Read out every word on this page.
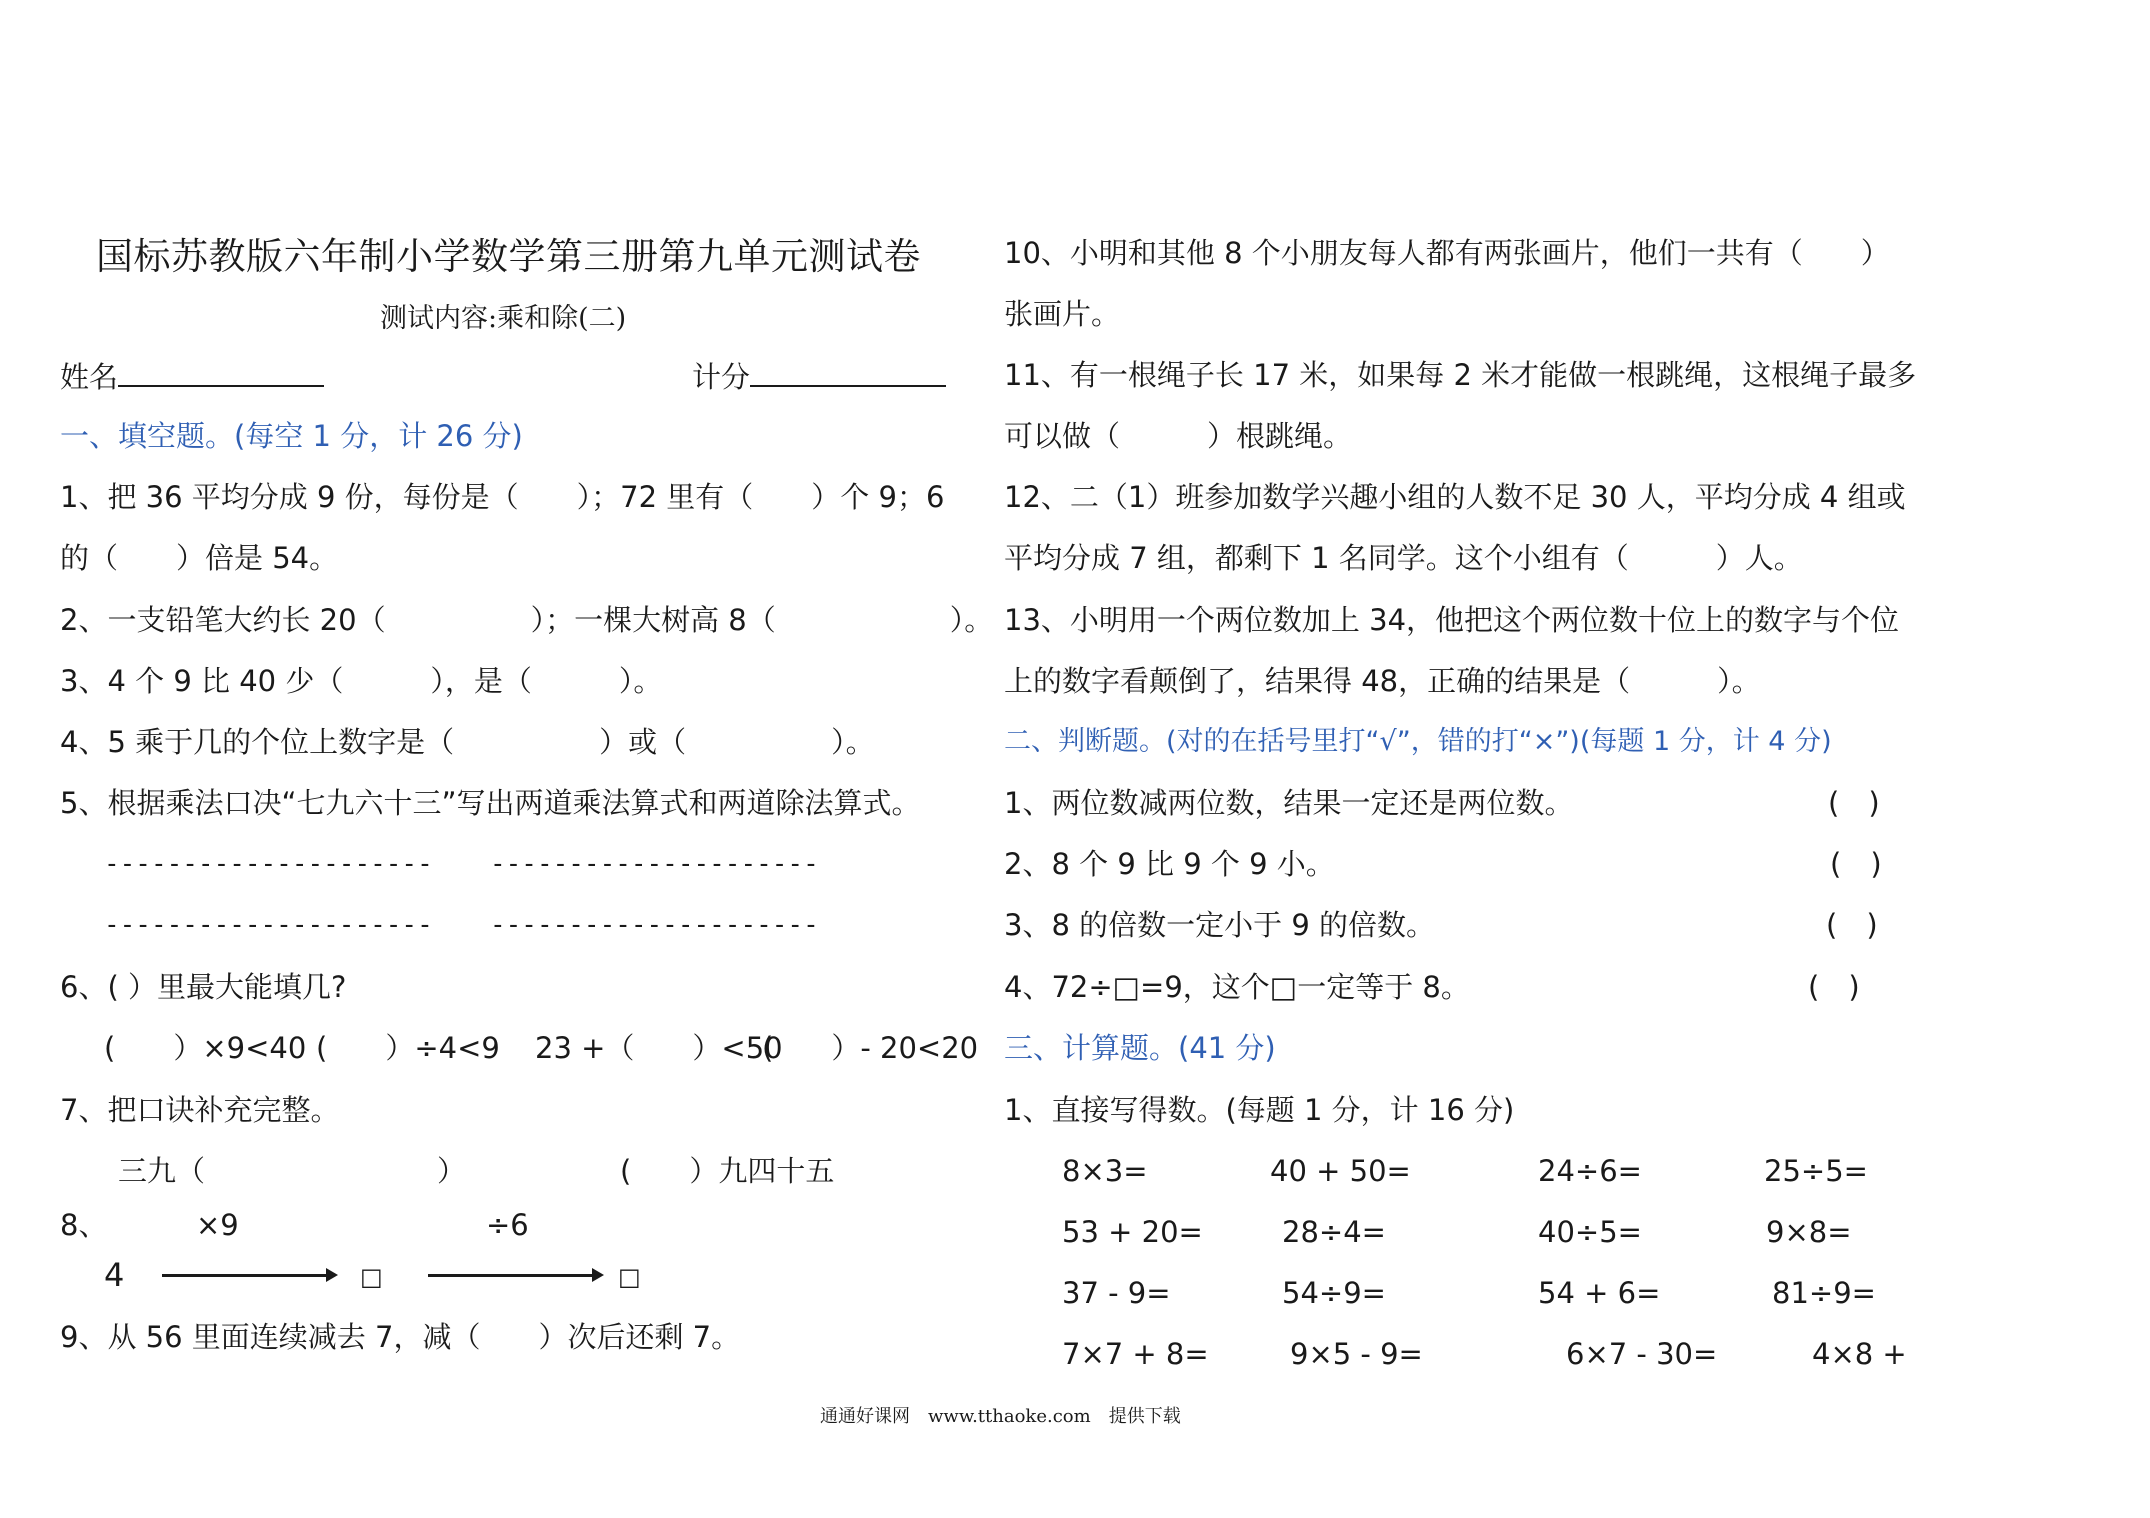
国标苏教版六年制小学数学第三册第九单元测试卷
测试内容:乘和除(二)
姓名	计分
一、填空题。(每空 1 分，计 26 分)
1、把 36 平均分成 9 份，每份是（　　）；72 里有（　　）个 9；6
的（　　）倍是 54。
2、一支铅笔大约长 20（　　　　　）；一棵大树高 8（　　　　　　）。
3、4 个 9 比 40 少（　　　），是（　　　）。
4、5 乘于几的个位上数字是（　　　　　）或（　　　　　）。
5、根据乘法口决“七九六十三”写出两道乘法算式和两道除法算式。
--------------------- ---------------------
--------------------- ---------------------
6、( ）里最大能填几?
(　　）×9<40 (　　）÷4<9 23 +（　　）<50
(　　）- 20<20
7、把口诀补充完整。
三九（　　　　　　　　）	(　　）九四十五
8、	×9	÷6
4	□	□
9、从 56 里面连续减去 7，减（　　）次后还剩 7。
10、小明和其他 8 个小朋友每人都有两张画片，他们一共有（　　）
张画片。
11、有一根绳子长 17 米，如果每 2 米才能做一根跳绳，这根绳子最多
可以做（　　　）根跳绳。
12、二（1）班参加数学兴趣小组的人数不足 30 人，平均分成 4 组或
平均分成 7 组，都剩下 1 名同学。这个小组有（　　　）人。
13、小明用一个两位数加上 34，他把这个两位数十位上的数字与个位
上的数字看颠倒了，结果得 48，正确的结果是（　　　）。
二、判断题。(对的在括号里打“√”，错的打“×”)(每题 1 分，计 4 分)
1、两位数减两位数，结果一定还是两位数。	(　)
2、8 个 9 比 9 个 9 小。	(　)
3、8 的倍数一定小于 9 的倍数。	(　)
4、72÷□=9，这个□一定等于 8。	(　)
三、计算题。(41 分)
1、直接写得数。(每题 1 分，计 16 分)
8×3=	40 + 50=	24÷6=	25÷5=
53 + 20=	28÷4=	40÷5=	9×8=
37 - 9=	54÷9=	54 + 6=	81÷9=
7×7 + 8=	9×5 - 9=	6×7 - 30=	4×8 +
通通好课网　www.tthaoke.com　提供下载
